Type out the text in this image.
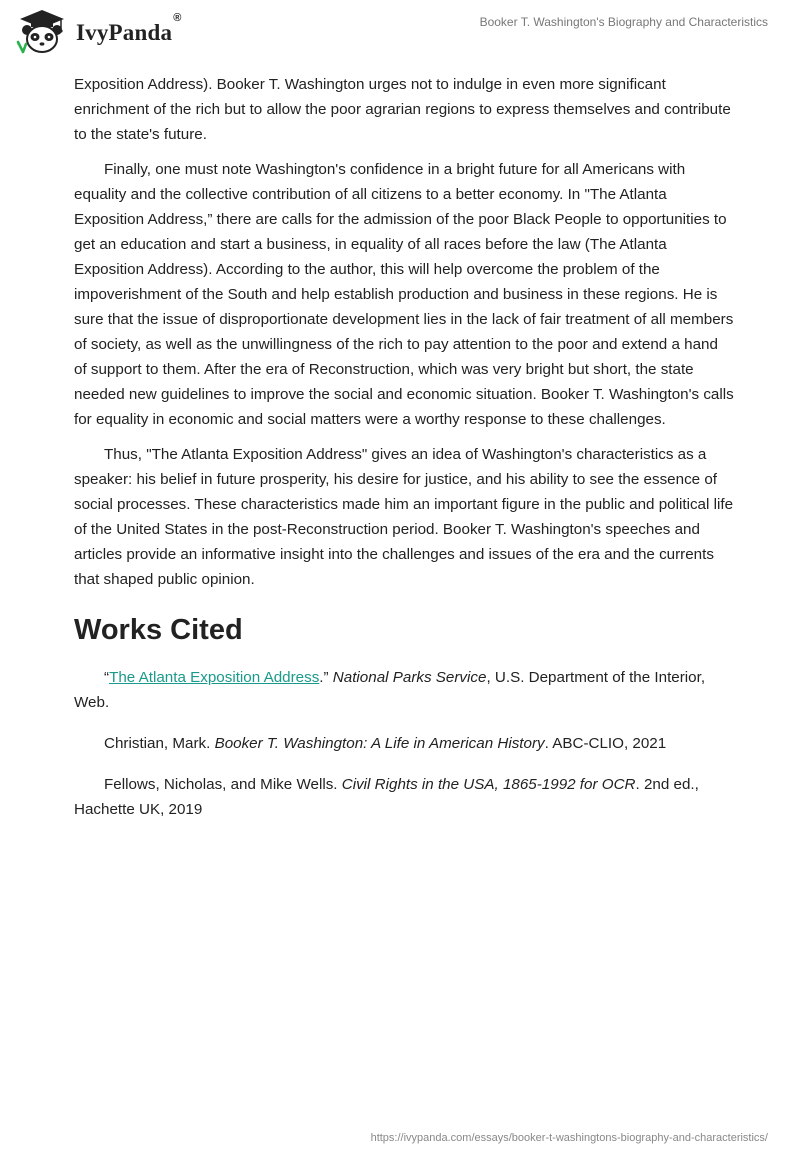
IvyPanda®	Booker T. Washington's Biography and Characteristics

Exposition Address). Booker T. Washington urges not to indulge in even more significant enrichment of the rich but to allow the poor agrarian regions to express themselves and contribute to the state's future.

Finally, one must note Washington's confidence in a bright future for all Americans with equality and the collective contribution of all citizens to a better economy. In "The Atlanta Exposition Address,” there are calls for the admission of the poor Black People to opportunities to get an education and start a business, in equality of all races before the law (The Atlanta Exposition Address). According to the author, this will help overcome the problem of the impoverishment of the South and help establish production and business in these regions. He is sure that the issue of disproportionate development lies in the lack of fair treatment of all members of society, as well as the unwillingness of the rich to pay attention to the poor and extend a hand of support to them. After the era of Reconstruction, which was very bright but short, the state needed new guidelines to improve the social and economic situation. Booker T. Washington's calls for equality in economic and social matters were a worthy response to these challenges.

Thus, "The Atlanta Exposition Address" gives an idea of Washington's characteristics as a speaker: his belief in future prosperity, his desire for justice, and his ability to see the essence of social processes. These characteristics made him an important figure in the public and political life of the United States in the post-Reconstruction period. Booker T. Washington's speeches and articles provide an informative insight into the challenges and issues of the era and the currents that shaped public opinion.

Works Cited

“The Atlanta Exposition Address.” National Parks Service, U.S. Department of the Interior, Web.

Christian, Mark. Booker T. Washington: A Life in American History. ABC-CLIO, 2021

Fellows, Nicholas, and Mike Wells. Civil Rights in the USA, 1865-1992 for OCR. 2nd ed., Hachette UK, 2019

https://ivypanda.com/essays/booker-t-washingtons-biography-and-characteristics/
